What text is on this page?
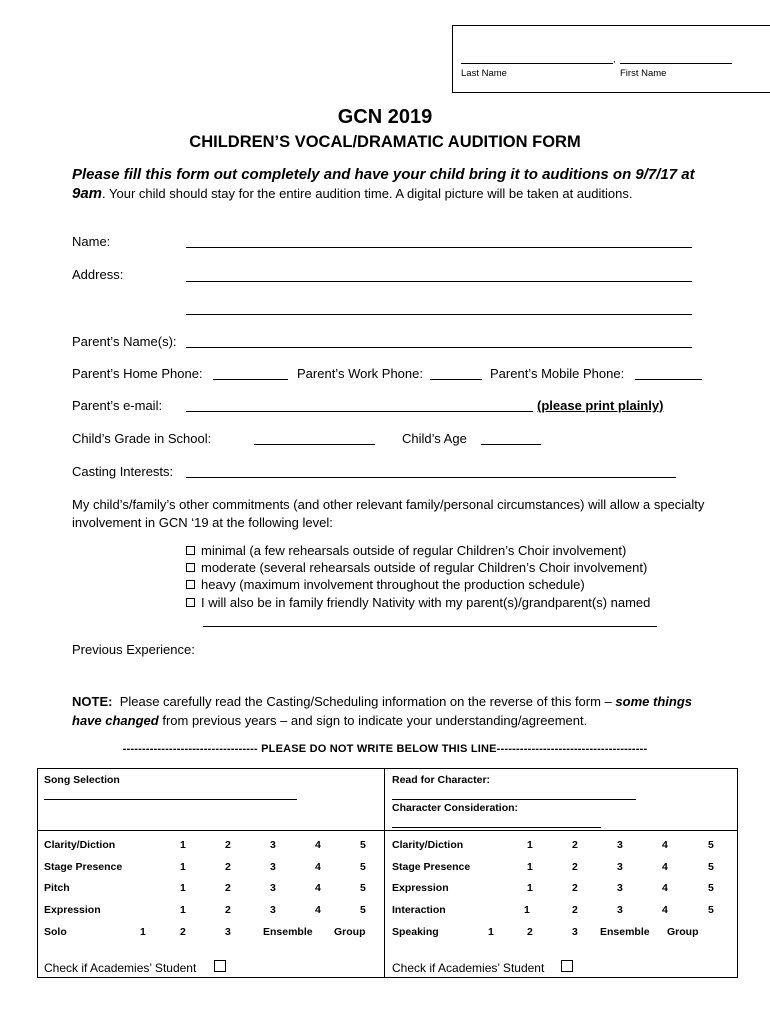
,
Last Name	First Name
GCN 2019
CHILDREN’S VOCAL/DRAMATIC AUDITION FORM
Please fill this form out completely and have your child bring it to auditions on 9/7/17 at 9am. Your child should stay for the entire audition time. A digital picture will be taken at auditions.
Name:
Address:
Parent’s Name(s):
Parent’s Home Phone:	Parent’s Work Phone:	Parent’s Mobile Phone:
Parent’s e-mail:	(please print plainly)
Child’s Grade in School:	Child’s Age
Casting Interests:
My child’s/family’s other commitments (and other relevant family/personal circumstances) will allow a specialty involvement in GCN ‘19 at the following level:
minimal (a few rehearsals outside of regular Children’s Choir involvement)
moderate (several rehearsals outside of regular Children’s Choir involvement)
heavy (maximum involvement throughout the production schedule)
I will also be in family friendly Nativity with my parent(s)/grandparent(s) named
Previous Experience:
NOTE: Please carefully read the Casting/Scheduling information on the reverse of this form – some things have changed from previous years – and sign to indicate your understanding/agreement.
----------------------------------- PLEASE DO NOT WRITE BELOW THIS LINE---------------------------------------
Song Selection	Read for Character:
Character Consideration:
Clarity/Diction	1	2	3	4	5
Stage Presence	1	2	3	4	5
Pitch	1	2	3	4	5
Expression	1	2	3	4	5
Solo	1	2	3	Ensemble Group
Check if Academies’ Student
Clarity/Diction	1	2	3	4	5
Stage Presence	1	2	3	4	5
Expression	1	2	3	4	5
Interaction	1	2	3	4	5
Speaking	1	2	3 Ensemble Group
Check if Academies’ Student
